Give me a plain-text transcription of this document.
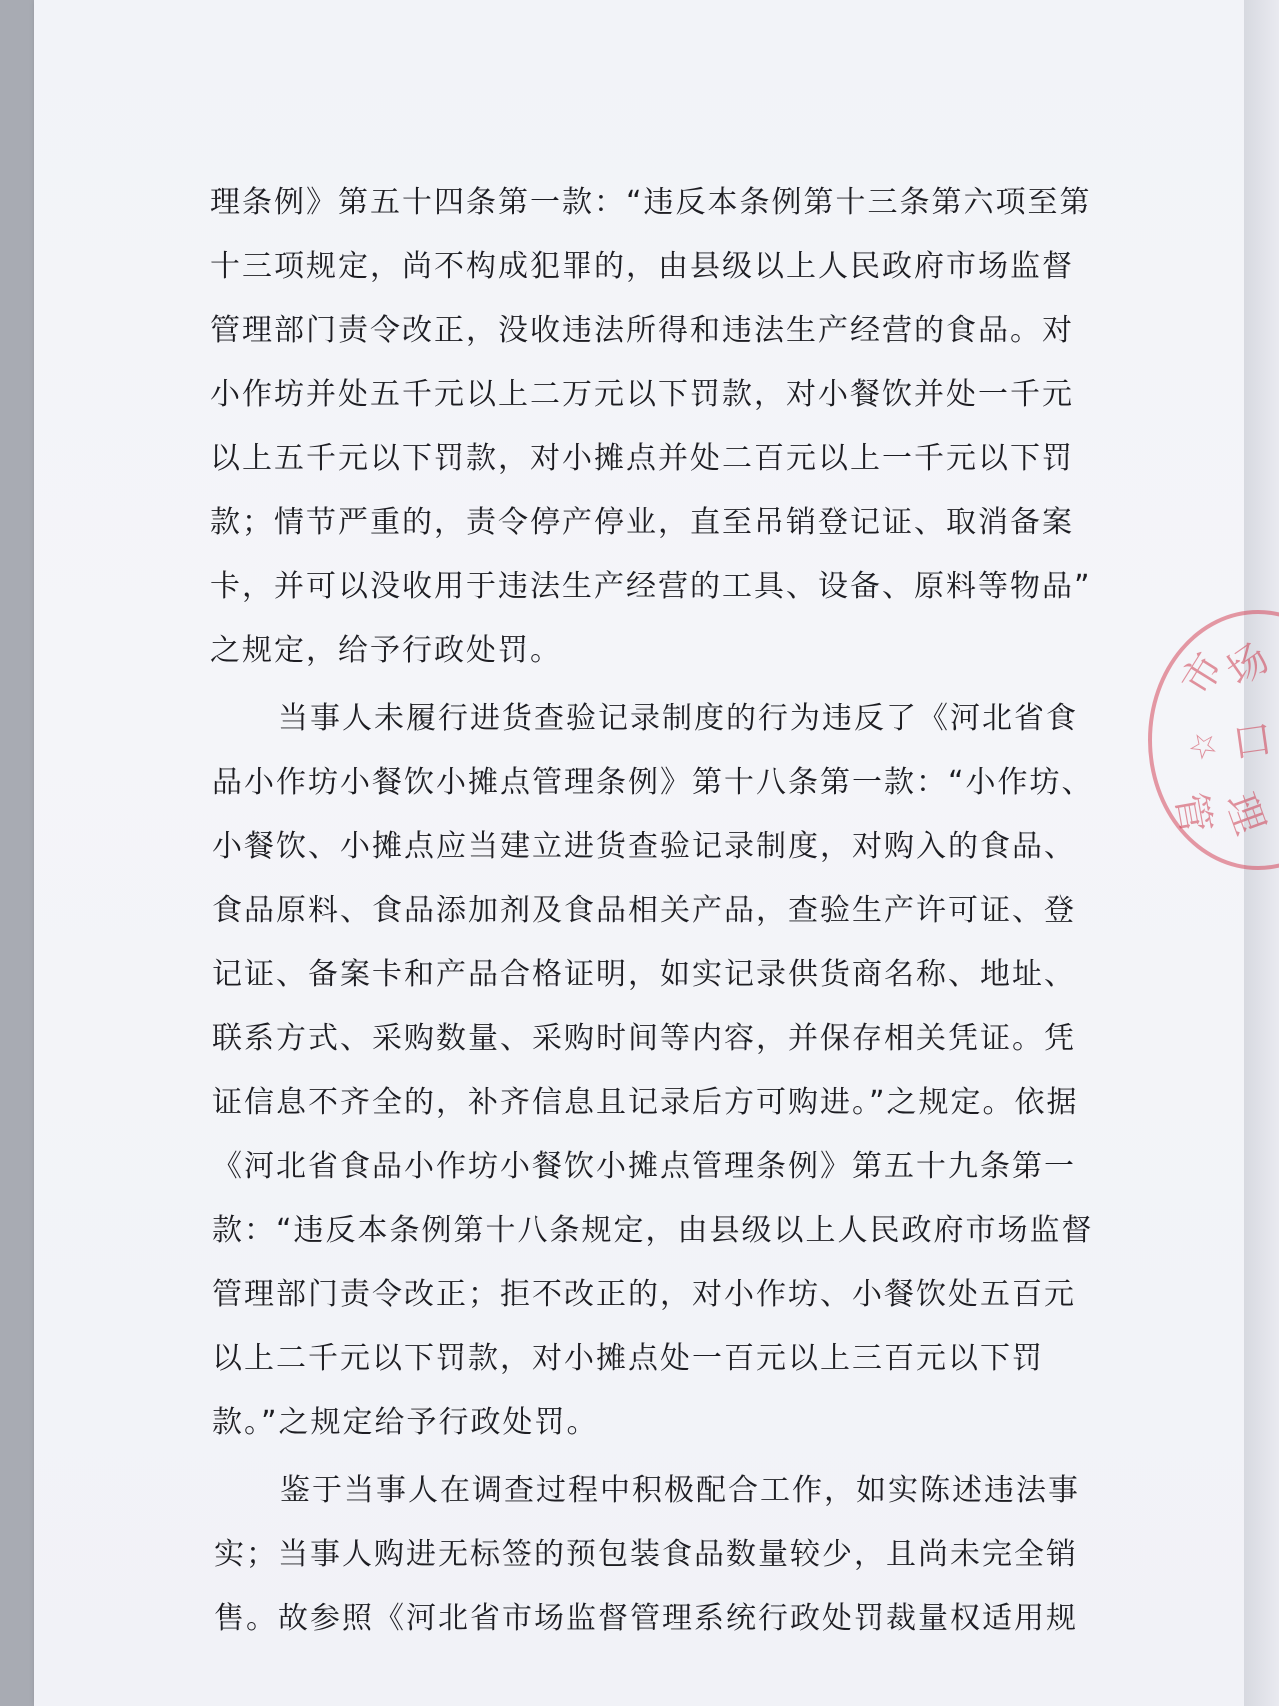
理条例》第五十四条第一款：“违反本条例第十三条第六项至第
十三项规定，尚不构成犯罪的，由县级以上人民政府市场监督
管理部门责令改正，没收违法所得和违法生产经营的食品。对
小作坊并处五千元以上二万元以下罚款，对小餐饮并处一千元
以上五千元以下罚款，对小摊点并处二百元以上一千元以下罚
款；情节严重的，责令停产停业，直至吊销登记证、取消备案
卡，并可以没收用于违法生产经营的工具、设备、原料等物品”
之规定，给予行政处罚。
当事人未履行进货查验记录制度的行为违反了《河北省食
品小作坊小餐饮小摊点管理条例》第十八条第一款：“小作坊、
小餐饮、小摊点应当建立进货查验记录制度，对购入的食品、
食品原料、食品添加剂及食品相关产品，查验生产许可证、登
记证、备案卡和产品合格证明，如实记录供货商名称、地址、
联系方式、采购数量、采购时间等内容，并保存相关凭证。凭
证信息不齐全的，补齐信息且记录后方可购进。”之规定。依据
《河北省食品小作坊小餐饮小摊点管理条例》第五十九条第一
款：“违反本条例第十八条规定，由县级以上人民政府市场监督
管理部门责令改正；拒不改正的，对小作坊、小餐饮处五百元
以上二千元以下罚款，对小摊点处一百元以上三百元以下罚
款。”之规定给予行政处罚。
鉴于当事人在调查过程中积极配合工作，如实陈述违法事
实；当事人购进无标签的预包装食品数量较少，且尚未完全销
售。故参照《河北省市场监督管理系统行政处罚裁量权适用规
市
场
口
☆
管
理
